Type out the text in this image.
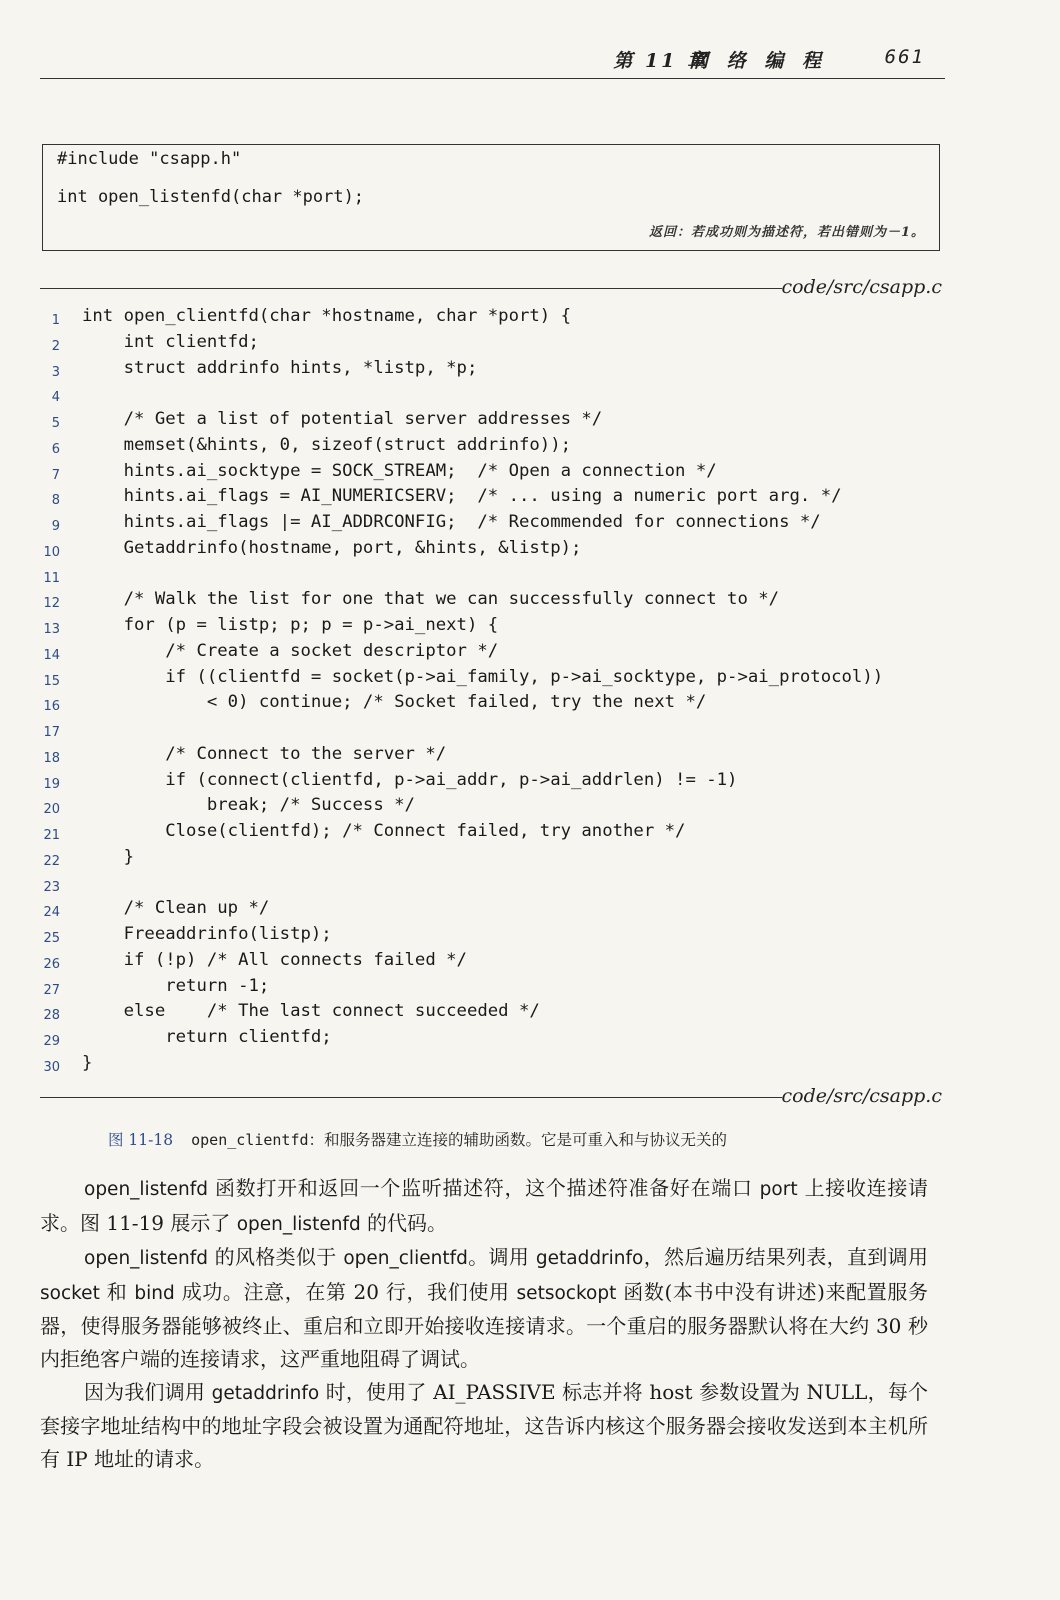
第 11 章
网 络 编 程	661
#include "csapp.h"
int open_listenfd(char *port);
返回：若成功则为描述符，若出错则为－1。
code/src/csapp.c
1 int open_clientfd(char *hostname, char *port) {
2 int clientfd;
3 struct addrinfo hints, *listp, *p;
4
5 /* Get a list of potential server addresses */
6 memset(&hints, 0, sizeof(struct addrinfo));
7 hints.ai_socktype = SOCK_STREAM;  /* Open a connection */
8 hints.ai_flags = AI_NUMERICSERV;  /* ... using a numeric port arg. */
9 hints.ai_flags |= AI_ADDRCONFIG;  /* Recommended for connections */
10 Getaddrinfo(hostname, port, &hints, &listp);
11
12 /* Walk the list for one that we can successfully connect to */
13 for (p = listp; p; p = p->ai_next) {
14 /* Create a socket descriptor */
15 if ((clientfd = socket(p->ai_family, p->ai_socktype, p->ai_protocol))
16 < 0) continue; /* Socket failed, try the next */
17
18 /* Connect to the server */
19 if (connect(clientfd, p->ai_addr, p->ai_addrlen) != -1)
20 break; /* Success */
21 Close(clientfd); /* Connect failed, try another */
22 }
23
24 /* Clean up */
25 Freeaddrinfo(listp);
26 if (!p) /* All connects failed */
27 return -1;
28 else    /* The last connect succeeded */
29 return clientfd;
30 }
code/src/csapp.c
图 11-18 open_clientfd：和服务器建立连接的辅助函数。它是可重入和与协议无关的

open_listenfd 函数打开和返回一个监听描述符，这个描述符准备好在端口 port 上接收连接请求。图 11-19 展示了 open_listenfd 的代码。

open_listenfd 的风格类似于 open_clientfd。调用 getaddrinfo，然后遍历结果列表，直到调用 socket 和 bind 成功。注意，在第 20 行，我们使用 setsockopt 函数(本书中没有讲述)来配置服务器，使得服务器能够被终止、重启和立即开始接收连接请求。一个重启的服务器默认将在大约 30 秒内拒绝客户端的连接请求，这严重地阻碍了调试。

因为我们调用 getaddrinfo 时，使用了 AI_PASSIVE 标志并将 host 参数设置为 NULL，每个套接字地址结构中的地址字段会被设置为通配符地址，这告诉内核这个服务器会接收发送到本主机所有 IP 地址的请求。
